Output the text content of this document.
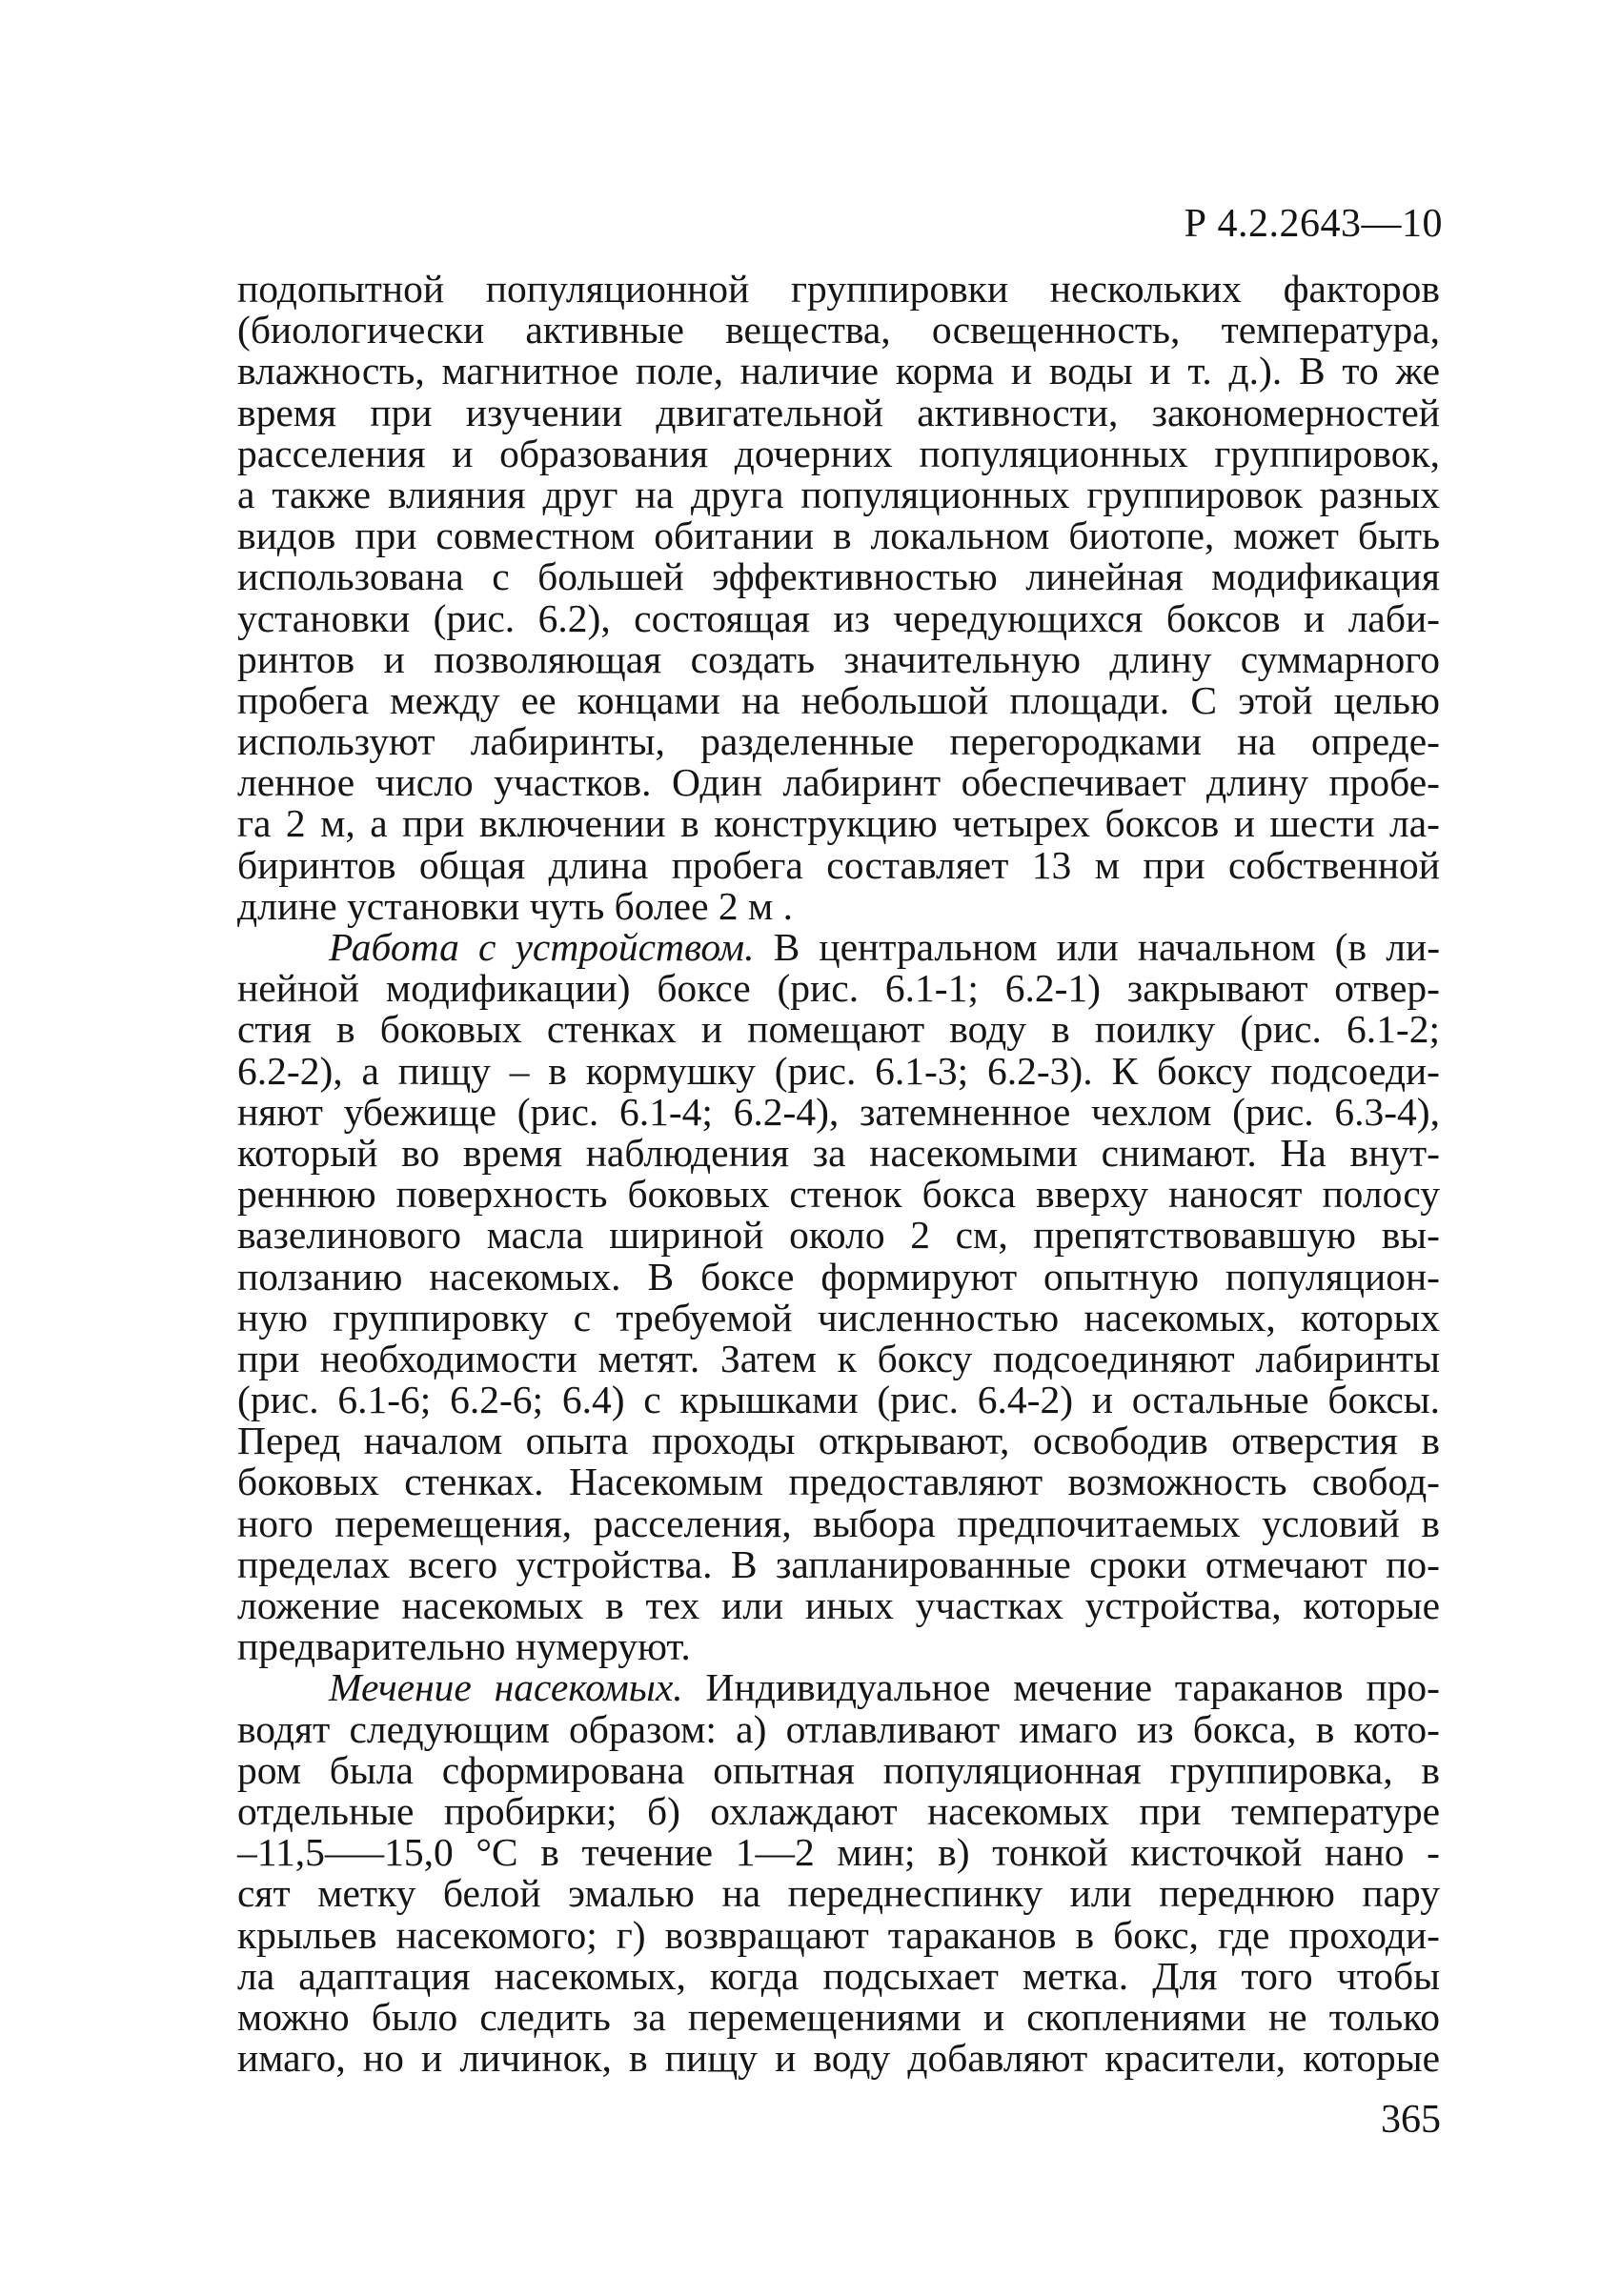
Р 4.2.2643—10
подопытной популяционной группировки нескольких факторов
(биологически активные вещества, освещенность, температура,
влажность, магнитное поле, наличие корма и воды и т. д.). В то же
время при изучении двигательной активности, закономерностей
расселения и образования дочерних популяционных группировок,
а также влияния друг на друга популяционных группировок разных
видов при совместном обитании в локальном биотопе, может быть
использована с большей эффективностью линейная модификация
установки (рис. 6.2), состоящая из чередующихся боксов и лаби-
ринтов и позволяющая создать значительную длину суммарного
пробега между ее концами на небольшой площади. С этой целью
используют лабиринты, разделенные перегородками на опреде-
ленное число участков. Один лабиринт обеспечивает длину пробе-
га 2 м, а при включении в конструкцию четырех боксов и шести ла-
биринтов общая длина пробега составляет 13 м при собственной
длине установки чуть более 2 м .
Работа с устройством. В центральном или начальном (в ли-
нейной модификации) боксе (рис. 6.1-1; 6.2-1) закрывают отвер-
стия в боковых стенках и помещают воду в поилку (рис. 6.1-2;
6.2-2), а пищу – в кормушку (рис. 6.1-3; 6.2-3). К боксу подсоеди-
няют убежище (рис. 6.1-4; 6.2-4), затемненное чехлом (рис. 6.3-4),
который во время наблюдения за насекомыми снимают. На внут-
реннюю поверхность боковых стенок бокса вверху наносят полосу
вазелинового масла шириной около 2 см, препятствовавшую вы-
ползанию насекомых. В боксе формируют опытную популяцион-
ную группировку с требуемой численностью насекомых, которых
при необходимости метят. Затем к боксу подсоединяют лабиринты
(рис. 6.1-6; 6.2-6; 6.4) с крышками (рис. 6.4-2) и остальные боксы.
Перед началом опыта проходы открывают, освободив отверстия в
боковых стенках. Насекомым предоставляют возможность свобод-
ного перемещения, расселения, выбора предпочитаемых условий в
пределах всего устройства. В запланированные сроки отмечают по-
ложение насекомых в тех или иных участках устройства, которые
предварительно нумеруют.
Мечение насекомых. Индивидуальное мечение тараканов про-
водят следующим образом: а) отлавливают имаго из бокса, в кото-
ром была сформирована опытная популяционная группировка, в
отдельные пробирки; б) охлаждают насекомых при температуре
–11,5—–15,0 °С в течение 1—2 мин; в) тонкой кисточкой нано -
сят метку белой эмалью на переднеспинку или переднюю пару
крыльев насекомого; г) возвращают тараканов в бокс, где проходи-
ла адаптация насекомых, когда подсыхает метка. Для того чтобы
можно было следить за перемещениями и скоплениями не только
имаго, но и личинок, в пищу и воду добавляют красители, которые
365
